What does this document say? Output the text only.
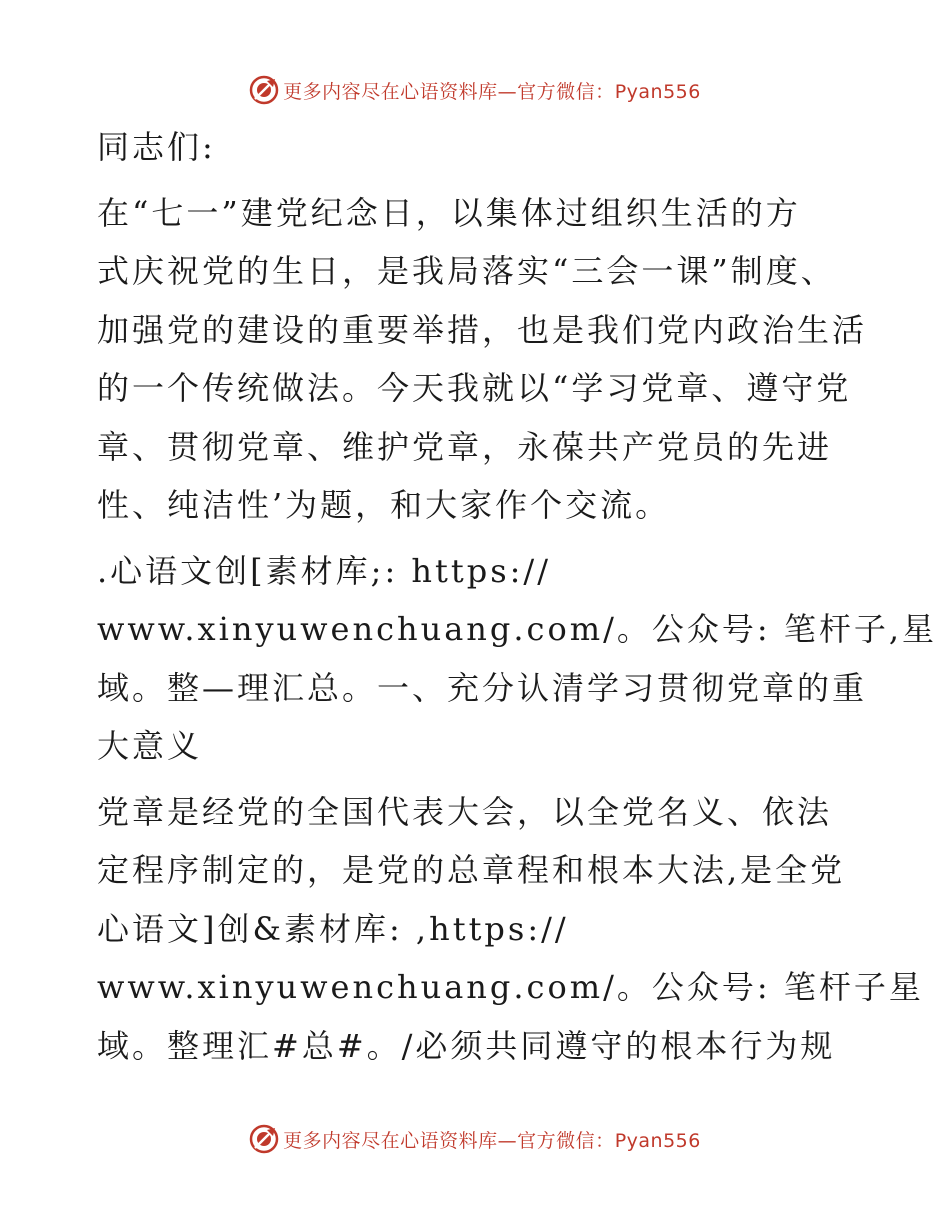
更多内容尽在心语资料库—官方微信：Pyan556
同志们:
在“七一”建党纪念日，以集体过组织生活的方
式庆祝党的生日，是我局落实“三会一课”制度、
加强党的建设的重要举措，也是我们党内政治生活
的一个传统做法。今天我就以“学习党章、遵守党
章、贯彻党章、维护党章，永葆共产党员的先进
性、纯洁性’为题，和大家作个交流。
.心语文创[素材库;: https://
www.xinyuwenchuang.com/。公众号: 笔杆子,星
域。整—理汇总。一、充分认清学习贯彻党章的重
大意义
党章是经党的全国代表大会，以全党名义、依法
定程序制定的，是党的总章程和根本大法,是全党
心语文]创&素材库: ,https://
www.xinyuwenchuang.com/。公众号: 笔杆子星
域。整理汇#总#。/必须共同遵守的根本行为规
更多内容尽在心语资料库—官方微信：Pyan556
